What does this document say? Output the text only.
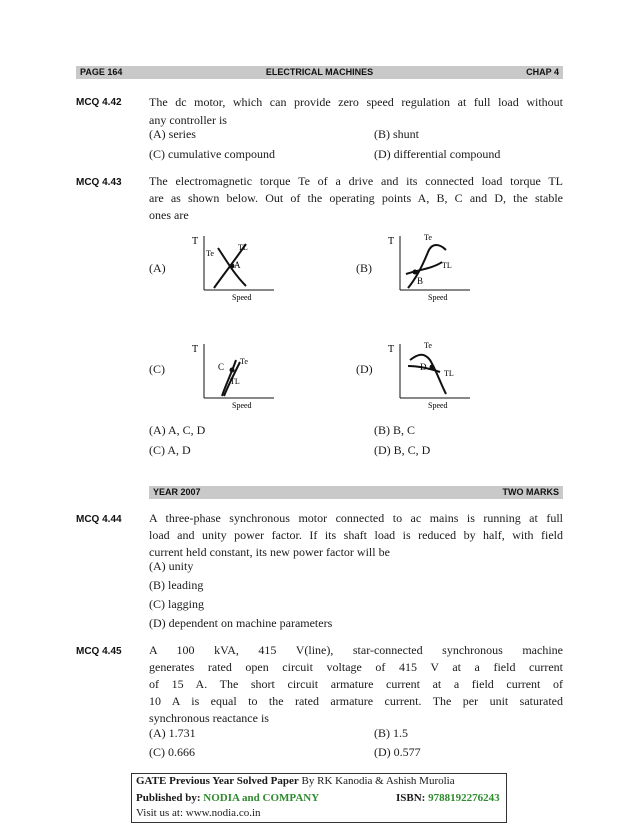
PAGE 164	ELECTRICAL MACHINES	CHAP 4
MCQ 4.42 The dc motor, which can provide zero speed regulation at full load without
any controller is
(A) series	(B) shunt
(C) cumulative compound	(D) differential compound
MCQ 4.43 The electromagnetic torque Te of a drive and its connected load torque TL
are as shown below. Out of the operating points A, B, C and D, the stable
ones are
(A)	(B)
(C)	(D)
T
Speed
Te
TL
A
T
Speed
Te
TL
B
T
Speed
Te
TL
C
T
Speed
Te
TL
D
(A) A, C, D	(B) B, C
(C) A, D	(D) B, C, D
YEAR 2007	TWO MARKS
MCQ 4.44 A three-phase synchronous motor connected to ac mains is running at full
load and unity power factor. If its shaft load is reduced by half, with field
current held constant, its new power factor will be
(A) unity
(B) leading
(C) lagging
(D) dependent on machine parameters
MCQ 4.45 A 100 kVA, 415 V(line), star-connected synchronous machine
generates rated open circuit voltage of 415 V at a field current
of 15 A. The short circuit armature current at a field current of
10 A is equal to the rated armature current. The per unit saturated
synchronous reactance is
(A) 1.731	(B) 1.5
(C) 0.666	(D) 0.577
GATE Previous Year Solved Paper By RK Kanodia & Ashish Murolia
Published by: NODIA and COMPANY	ISBN: 9788192276243
Visit us at: www.nodia.co.in
